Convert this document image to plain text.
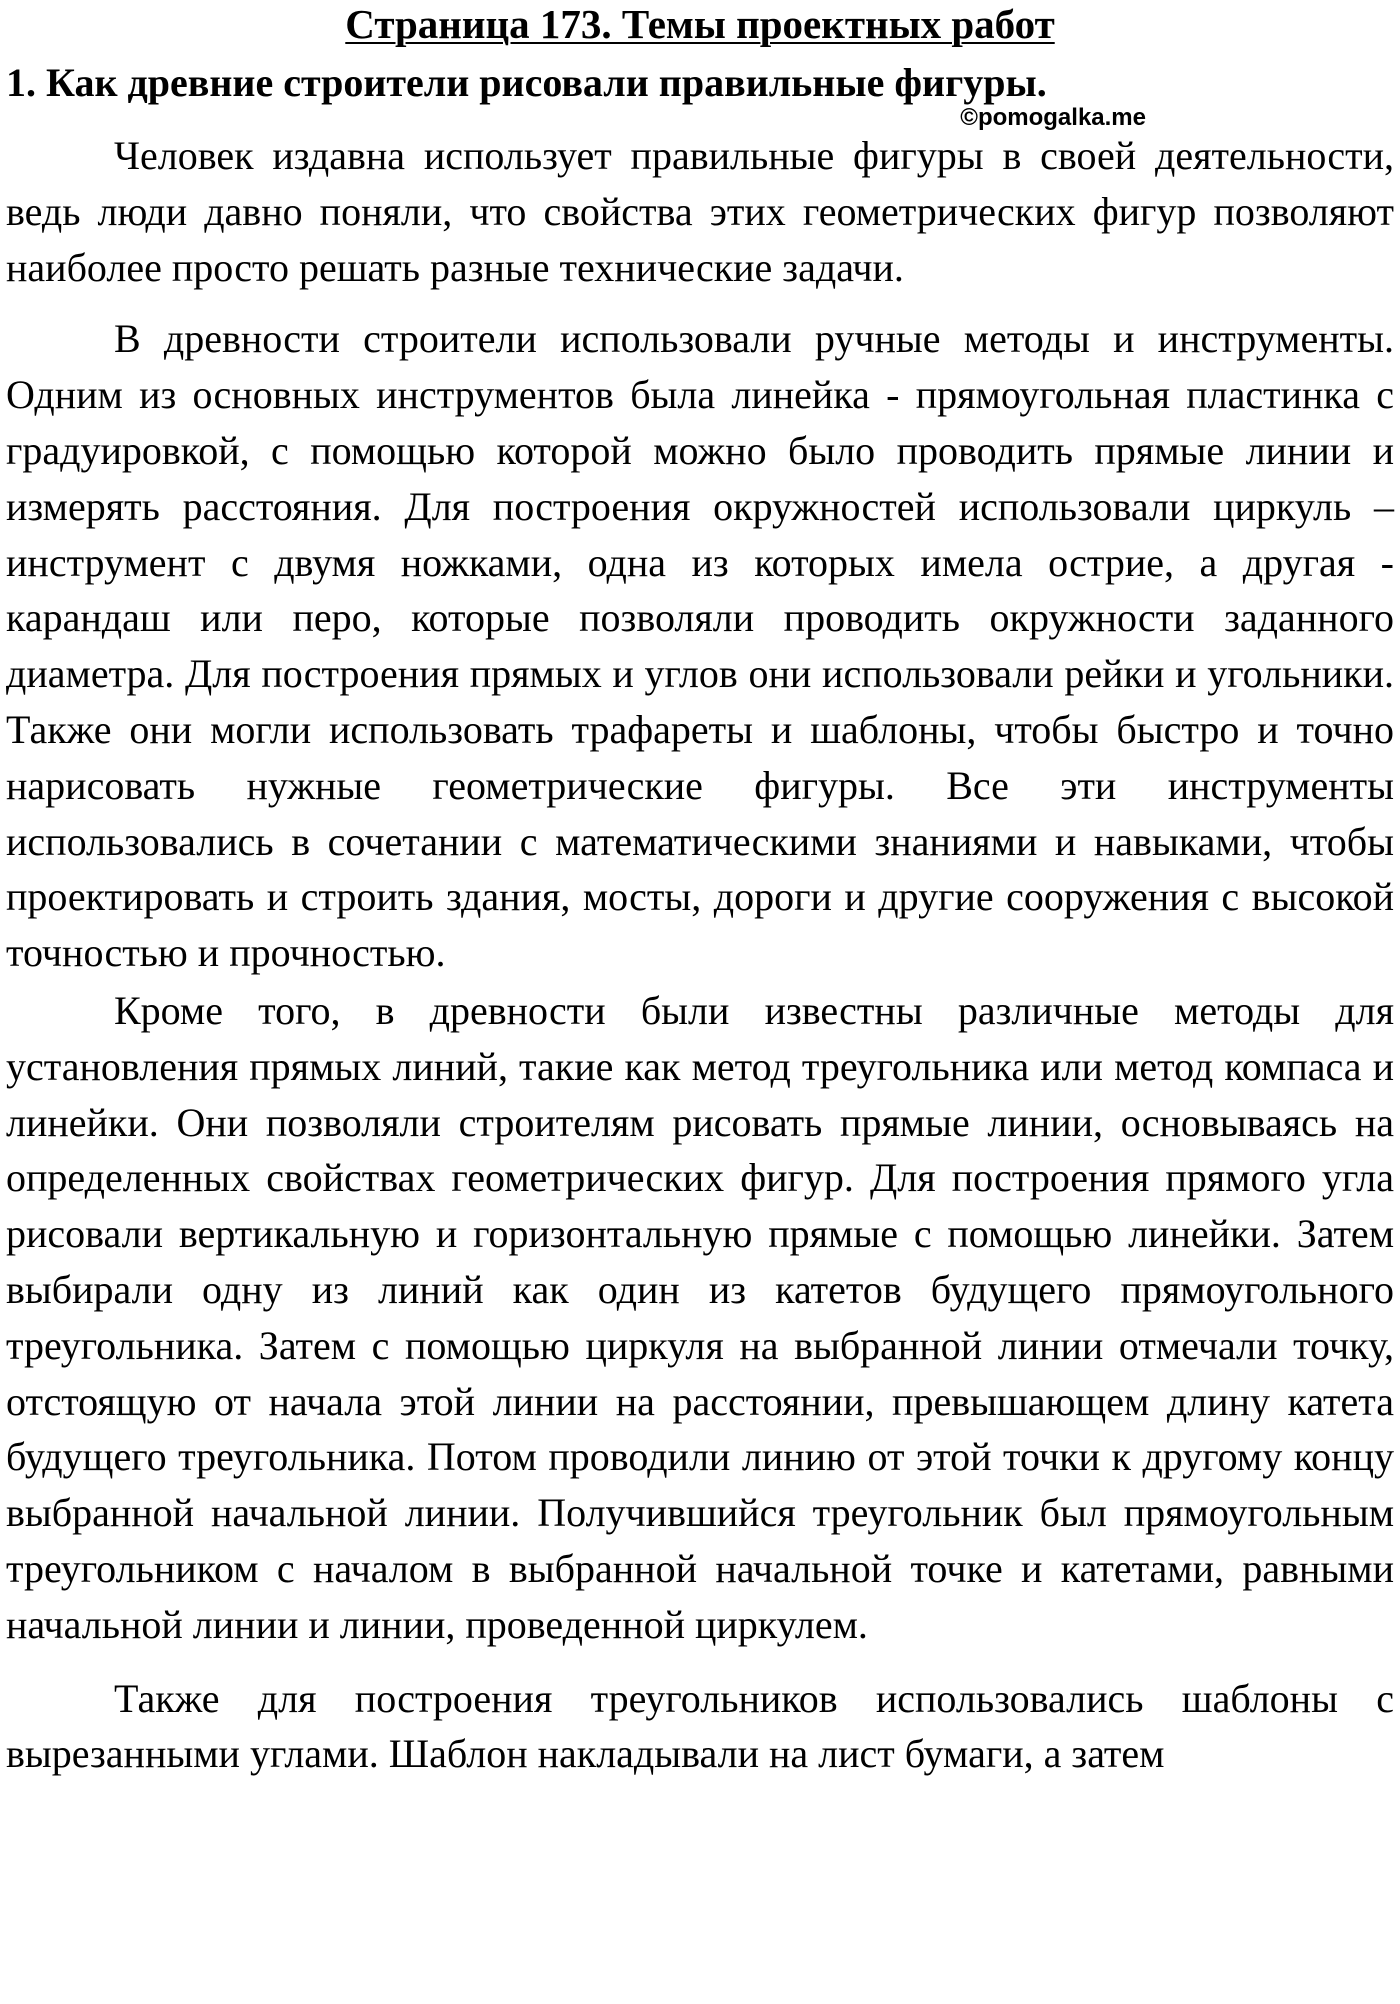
Страница 173. Темы проектных работ
1. Как древние строители рисовали правильные фигуры.
©pomogalka.me

Человек издавна использует правильные фигуры в своей деятельности, ведь люди давно поняли, что свойства этих геометрических фигур позволяют наиболее просто решать разные технические задачи.

В древности строители использовали ручные методы и инструменты. Одним из основных инструментов была линейка - прямоугольная пластинка с градуировкой, с помощью которой можно было проводить прямые линии и измерять расстояния. Для построения окружностей использовали циркуль – инструмент с двумя ножками, одна из которых имела острие, а другая - карандаш или перо, которые позволяли проводить окружности заданного диаметра. Для построения прямых и углов они использовали рейки и угольники. Также они могли использовать трафареты и шаблоны, чтобы быстро и точно нарисовать нужные геометрические фигуры. Все эти инструменты использовались в сочетании с математическими знаниями и навыками, чтобы проектировать и строить здания, мосты, дороги и другие сооружения с высокой точностью и прочностью.

Кроме того, в древности были известны различные методы для установления прямых линий, такие как метод треугольника или метод компаса и линейки. Они позволяли строителям рисовать прямые линии, основываясь на определенных свойствах геометрических фигур. Для построения прямого угла рисовали вертикальную и горизонтальную прямые с помощью линейки. Затем выбирали одну из линий как один из катетов будущего прямоугольного треугольника. Затем с помощью циркуля на выбранной линии отмечали точку, отстоящую от начала этой линии на расстоянии, превышающем длину катета будущего треугольника. Потом проводили линию от этой точки к другому концу выбранной начальной линии. Получившийся треугольник был прямоугольным треугольником с началом в выбранной начальной точке и катетами, равными начальной линии и линии, проведенной циркулем.

Также для построения треугольников использовались шаблоны с вырезанными углами. Шаблон накладывали на лист бумаги, а затем
